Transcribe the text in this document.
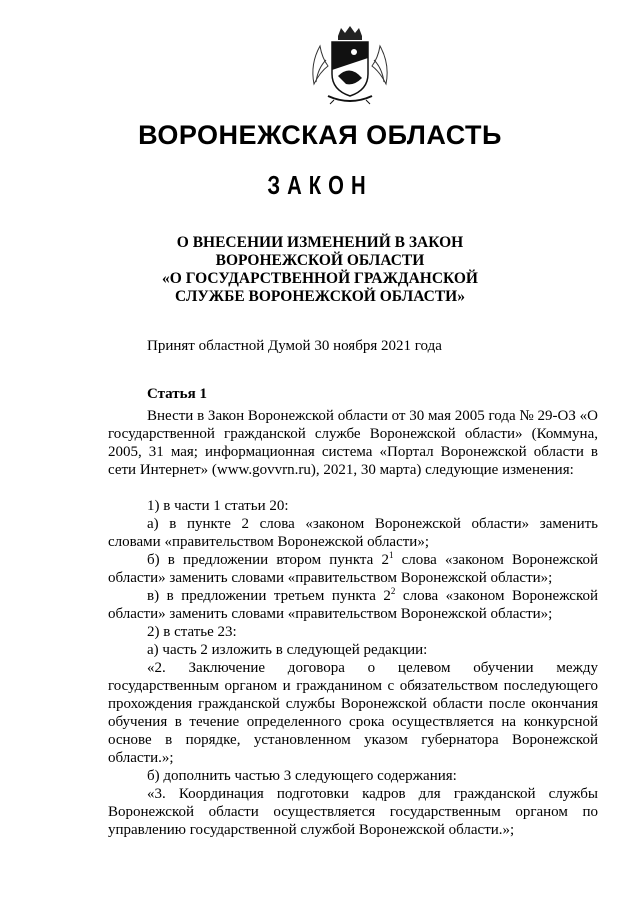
ВОРОНЕЖСКАЯ ОБЛАСТЬ
ЗАКОН
О ВНЕСЕНИИ ИЗМЕНЕНИЙ В ЗАКОН
ВОРОНЕЖСКОЙ ОБЛАСТИ
«О ГОСУДАРСТВЕННОЙ ГРАЖДАНСКОЙ
СЛУЖБЕ ВОРОНЕЖСКОЙ ОБЛАСТИ»
Принят областной Думой 30 ноября 2021 года
Статья 1

Внести в Закон Воронежской области от 30 мая 2005 года № 29-ОЗ «О государственной гражданской службе Воронежской области» (Коммуна, 2005, 31 мая; информационная система «Портал Воронежской области в сети Интернет» (www.govvrn.ru), 2021, 30 марта) следующие изменения:

1) в части 1 статьи 20:

а) в пункте 2 слова «законом Воронежской области» заменить словами «правительством Воронежской области»;

б) в предложении втором пункта $2^1$ слова «законом Воронежской области» заменить словами «правительством Воронежской области»;

в) в предложении третьем пункта $2^2$ слова «законом Воронежской области» заменить словами «правительством Воронежской области»;

2) в статье 23:

а) часть 2 изложить в следующей редакции:

«2. Заключение договора о целевом обучении между государственным органом и гражданином с обязательством последующего прохождения гражданской службы Воронежской области после окончания обучения в течение определенного срока осуществляется на конкурсной основе в порядке, установленном указом губернатора Воронежской области.»;

б) дополнить частью 3 следующего содержания:

«3. Координация подготовки кадров для гражданской службы Воронежской области осуществляется государственным органом по управлению государственной службой Воронежской области.»;
